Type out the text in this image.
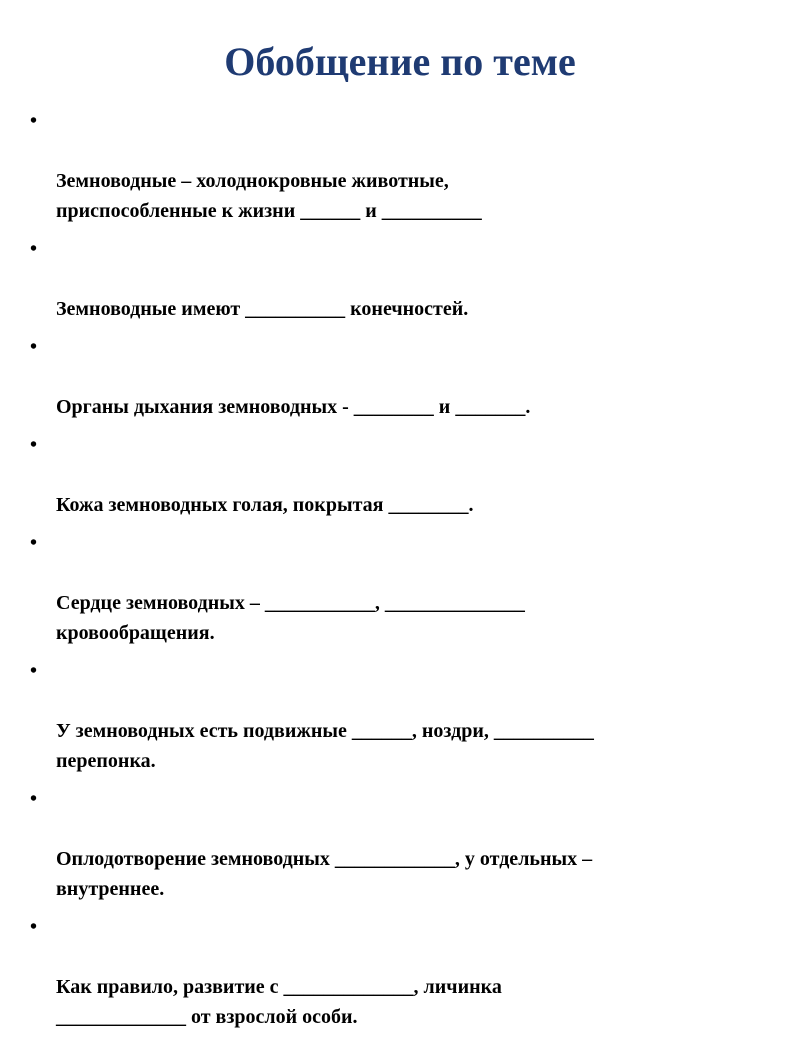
Обобщение по теме

•

Земноводные – холоднокровные животные,
приспособленные к жизни ______ и __________

•

Земноводные имеют __________ конечностей.

•

Органы дыхания земноводных - ________ и _______.

•

Кожа земноводных голая, покрытая ________.

•

Сердце земноводных – ___________, ______________
кровообращения.

•

У земноводных есть подвижные ______, ноздри, __________
перепонка.

•

Оплодотворение земноводных ____________, у отдельных –
внутреннее.

•

Как правило, развитие с _____________, личинка
_____________ от взрослой особи.
